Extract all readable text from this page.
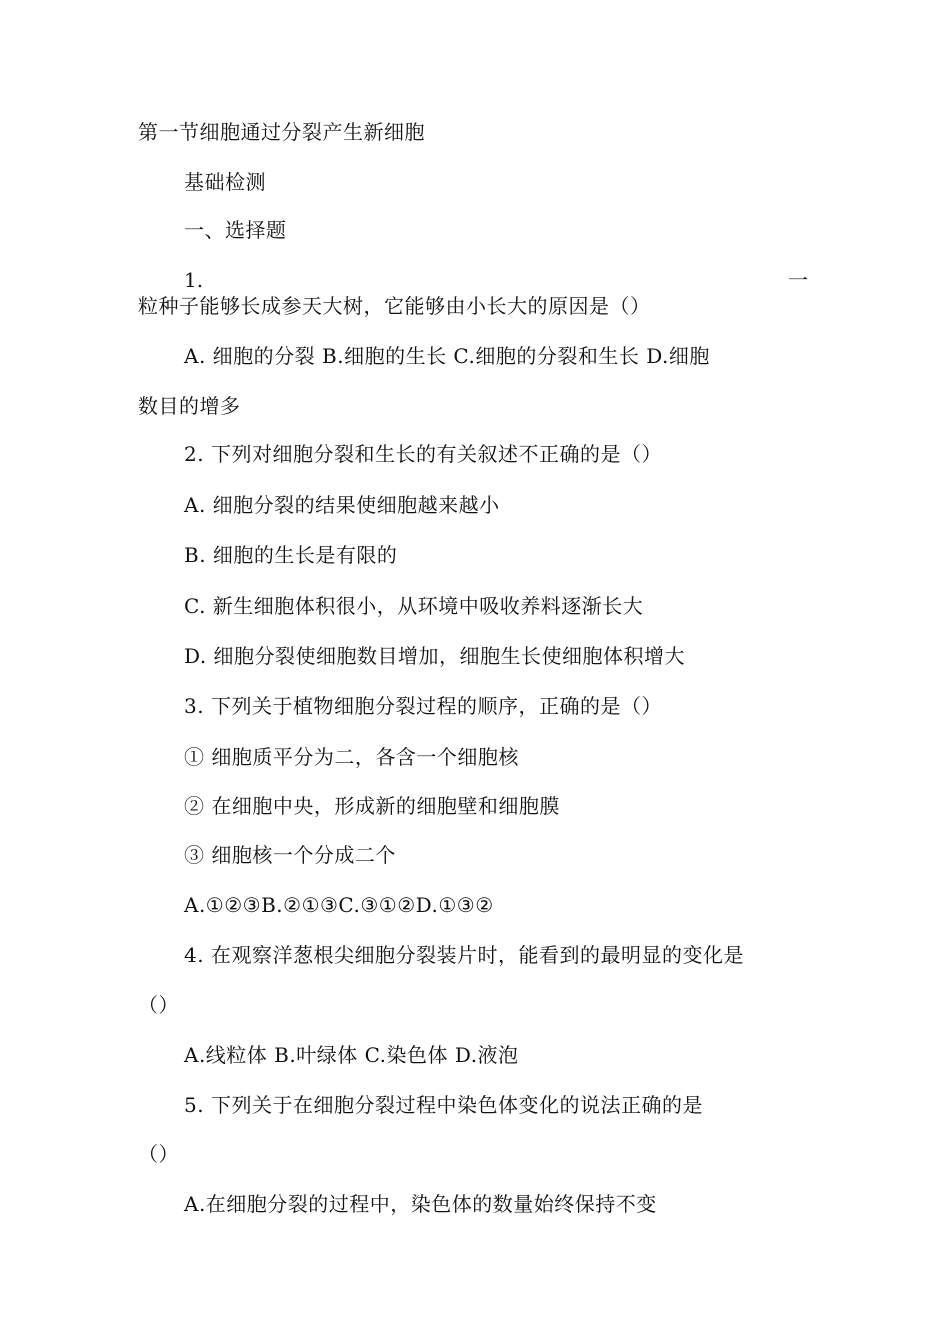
第一节细胞通过分裂产生新细胞
基础检测
一、选择题
1.	一
粒种子能够长成参天大树，它能够由小长大的原因是（）
A. 细胞的分裂 B.细胞的生长 C.细胞的分裂和生长 D.细胞
数目的增多
2. 下列对细胞分裂和生长的有关叙述不正确的是（）
A. 细胞分裂的结果使细胞越来越小
B. 细胞的生长是有限的
C. 新生细胞体积很小，从环境中吸收养料逐渐长大
D. 细胞分裂使细胞数目增加，细胞生长使细胞体积增大
3. 下列关于植物细胞分裂过程的顺序，正确的是（）
① 细胞质平分为二，各含一个细胞核
② 在细胞中央，形成新的细胞壁和细胞膜
③ 细胞核一个分成二个
A.①②③B.②①③C.③①②D.①③②
4. 在观察洋葱根尖细胞分裂装片时，能看到的最明显的变化是
（）
A.线粒体 B.叶绿体 C.染色体 D.液泡
5. 下列关于在细胞分裂过程中染色体变化的说法正确的是
（）
A.在细胞分裂的过程中，染色体的数量始终保持不变
